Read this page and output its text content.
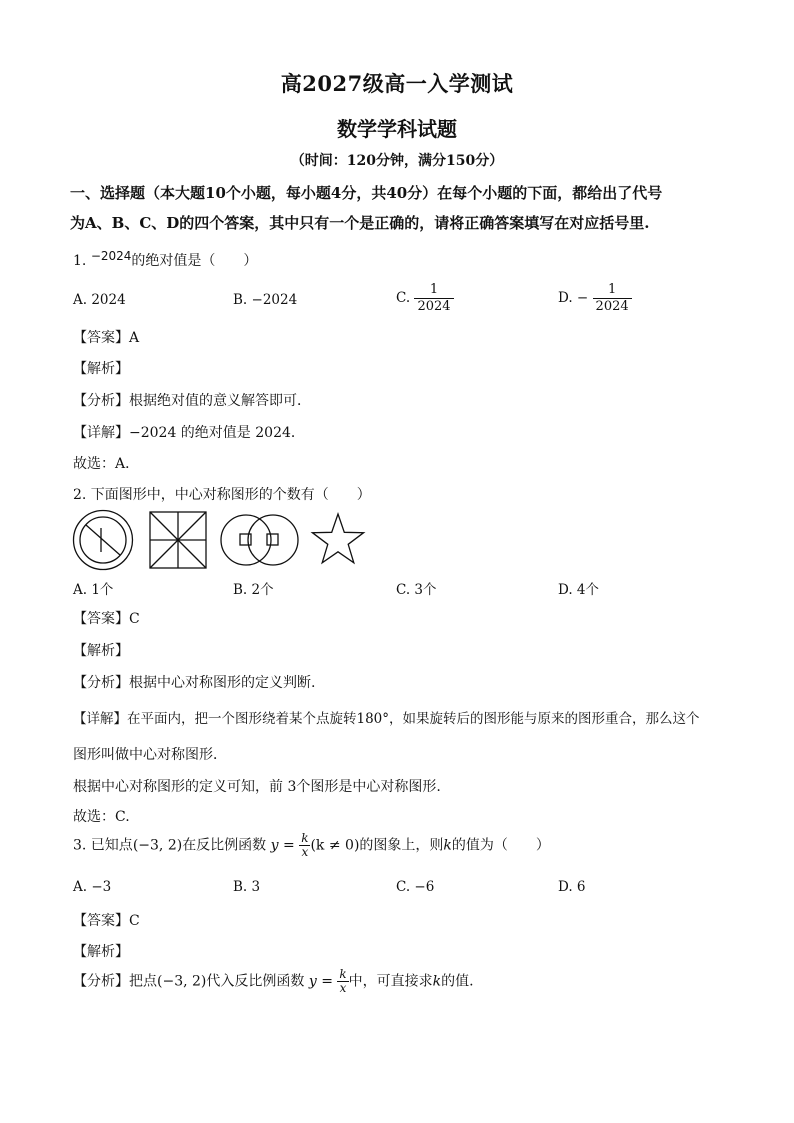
高2027级高一入学测试
数学学科试题
（时间：120分钟，满分150分）
一、选择题（本大题10个小题，每小题4分，共40分）在每个小题的下面，都给出了代号
为A、B、C、D的四个答案，其中只有一个是正确的，请将正确答案填写在对应括号里.
1. −2024的绝对值是（　　）
A. 2024	B. −2024	C. $\frac{1}{2024}$	D. − $\frac{1}{2024}$
【答案】A
【解析】
【分析】根据绝对值的意义解答即可．
【详解】−2024 的绝对值是 2024．
故选：A．
2. 下面图形中，中心对称图形的个数有（　　）
A. 1个	B. 2个	C. 3个	D. 4个
【答案】C
【解析】
【分析】根据中心对称图形的定义判断.
【详解】在平面内，把一个图形绕着某个点旋转180°，如果旋转后的图形能与原来的图形重合，那么这个
图形叫做中心对称图形．
根据中心对称图形的定义可知，前 3个图形是中心对称图形.
故选：C.
3. 已知点(−3, 2)在反比例函数 $y = \frac{k}{x} (k \ne 0)$的图象上，则k的值为（　　）
A. −3	B. 3	C. −6	D. 6
【答案】C
【解析】
【分析】把点(−3, 2)代入反比例函数 $y = \frac{k}{x}$ 中，可直接求k的值.
